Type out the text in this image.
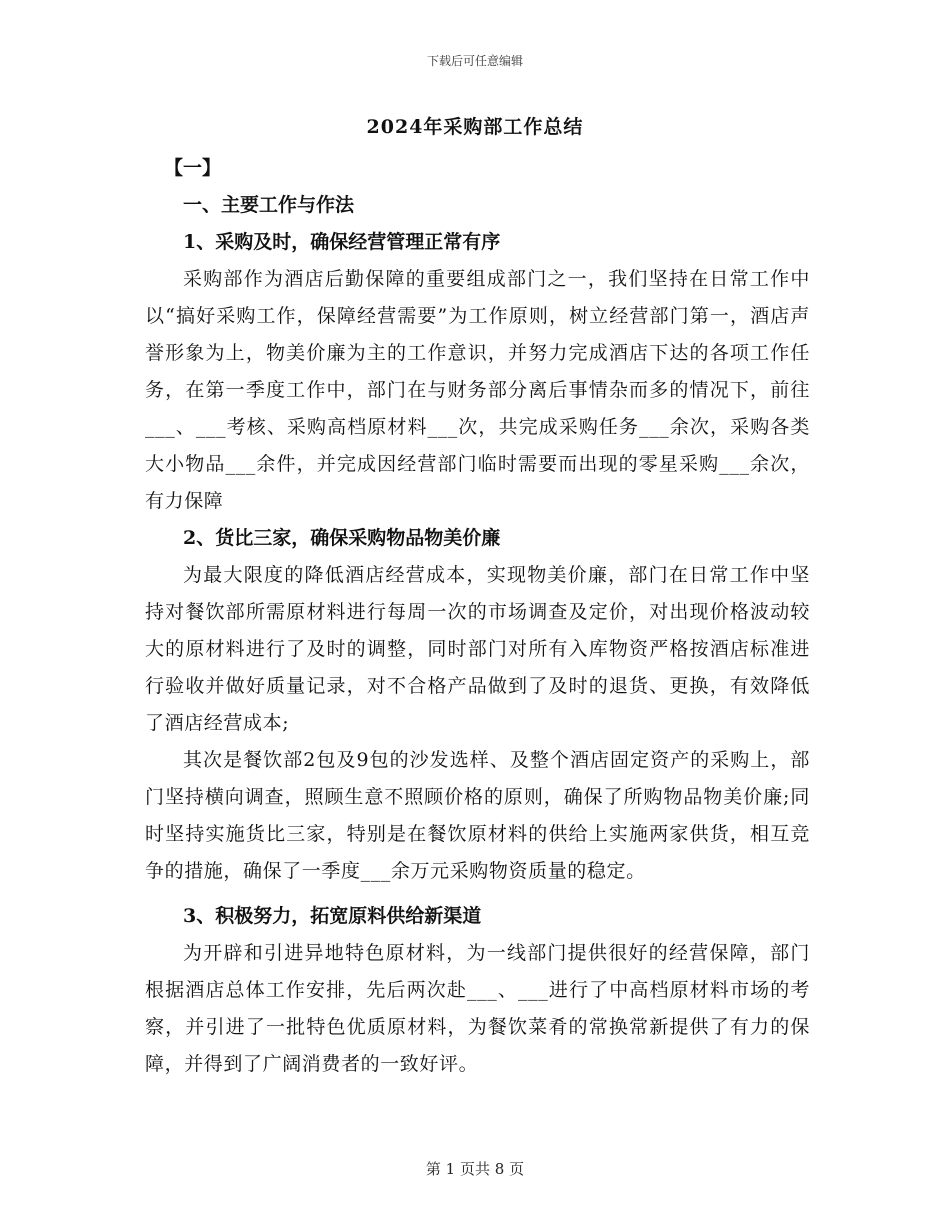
下载后可任意编辑
2024年采购部工作总结
【一】
一、主要工作与作法
1、采购及时，确保经营管理正常有序

采购部作为酒店后勤保障的重要组成部门之一，我们坚持在日常工作中以“搞好采购工作，保障经营需要”为工作原则，树立经营部门第一，酒店声誉形象为上，物美价廉为主的工作意识，并努力完成酒店下达的各项工作任务，在第一季度工作中，部门在与财务部分离后事情杂而多的情况下，前往___、___考核、采购高档原材料___次，共完成采购任务___余次，采购各类大小物品___余件，并完成因经营部门临时需要而出现的零星采购___余次，有力保障

2、货比三家，确保采购物品物美价廉

为最大限度的降低酒店经营成本，实现物美价廉，部门在日常工作中坚持对餐饮部所需原材料进行每周一次的市场调查及定价，对出现价格波动较大的原材料进行了及时的调整，同时部门对所有入库物资严格按酒店标准进行验收并做好质量记录，对不合格产品做到了及时的退货、更换，有效降低了酒店经营成本;

其次是餐饮部2包及9包的沙发选样、及整个酒店固定资产的采购上，部门坚持横向调查，照顾生意不照顾价格的原则，确保了所购物品物美价廉;同时坚持实施货比三家，特别是在餐饮原材料的供给上实施两家供货，相互竞争的措施，确保了一季度___余万元采购物资质量的稳定。

3、积极努力，拓宽原料供给新渠道

为开辟和引进异地特色原材料，为一线部门提供很好的经营保障，部门根据酒店总体工作安排，先后两次赴___、___进行了中高档原材料市场的考察，并引进了一批特色优质原材料，为餐饮菜肴的常换常新提供了有力的保障，并得到了广阔消费者的一致好评。

第 1 页共 8 页
